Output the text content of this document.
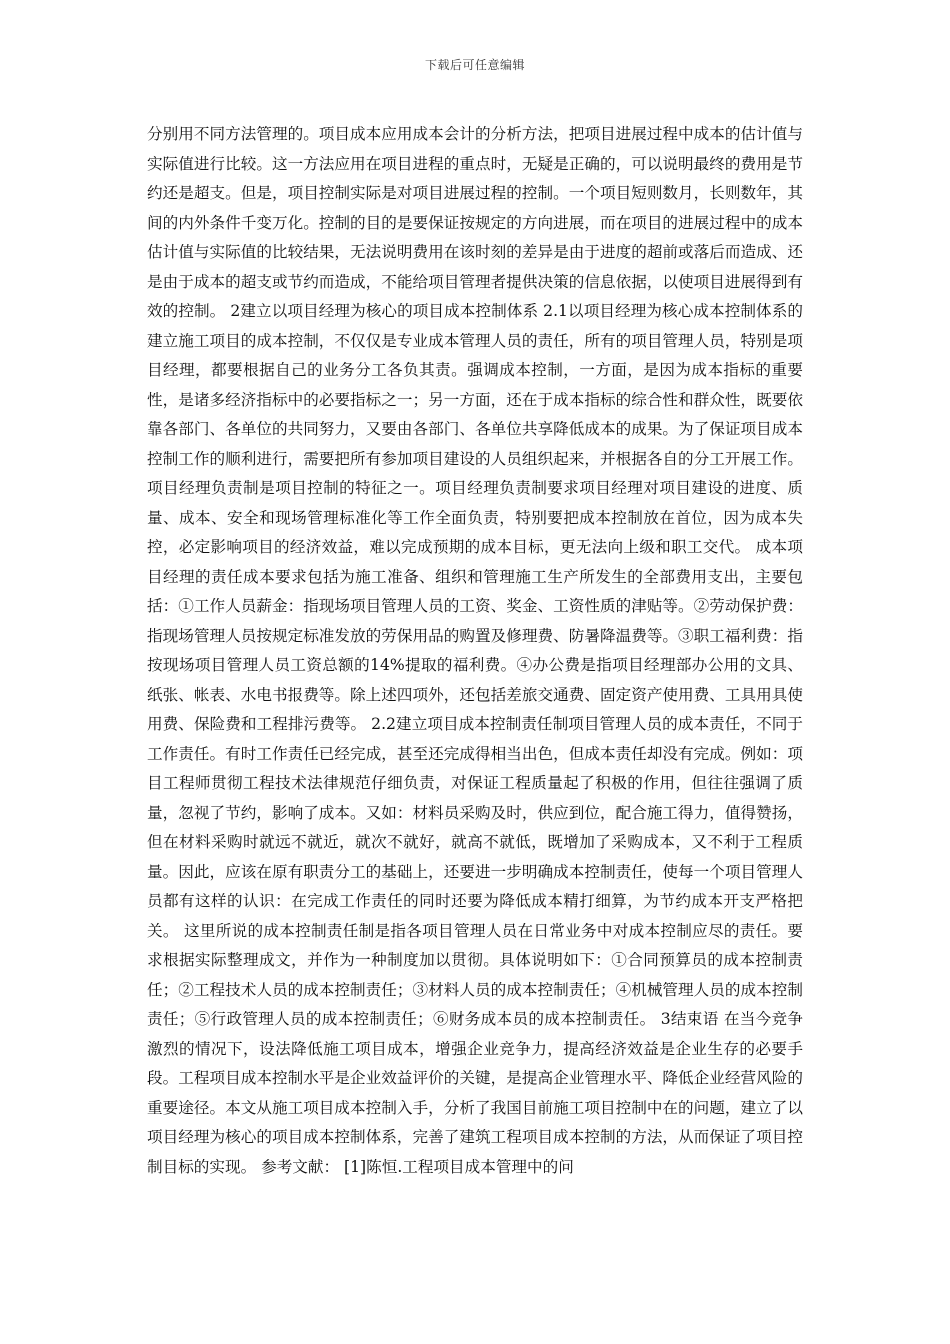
下载后可任意编辑

分别用不同方法管理的。项目成本应用成本会计的分析方法，把项目进展过程中成本的估计值与实际值进行比较。这一方法应用在项目进程的重点时，无疑是正确的，可以说明最终的费用是节约还是超支。但是，项目控制实际是对项目进展过程的控制。一个项目短则数月，长则数年，其间的内外条件千变万化。控制的目的是要保证按规定的方向进展，而在项目的进展过程中的成本估计值与实际值的比较结果，无法说明费用在该时刻的差异是由于进度的超前或落后而造成、还是由于成本的超支或节约而造成，不能给项目管理者提供决策的信息依据，以使项目进展得到有效的控制。 2建立以项目经理为核心的项目成本控制体系 2.1以项目经理为核心成本控制体系的建立施工项目的成本控制，不仅仅是专业成本管理人员的责任，所有的项目管理人员，特别是项目经理，都要根据自己的业务分工各负其责。强调成本控制，一方面，是因为成本指标的重要性，是诸多经济指标中的必要指标之一；另一方面，还在于成本指标的综合性和群众性，既要依靠各部门、各单位的共同努力，又要由各部门、各单位共享降低成本的成果。为了保证项目成本控制工作的顺利进行，需要把所有参加项目建设的人员组织起来，并根据各自的分工开展工作。 项目经理负责制是项目控制的特征之一。项目经理负责制要求项目经理对项目建设的进度、质量、成本、安全和现场管理标准化等工作全面负责，特别要把成本控制放在首位，因为成本失控，必定影响项目的经济效益，难以完成预期的成本目标，更无法向上级和职工交代。 成本项目经理的责任成本要求包括为施工准备、组织和管理施工生产所发生的全部费用支出，主要包括：①工作人员薪金：指现场项目管理人员的工资、奖金、工资性质的津贴等。②劳动保护费：指现场管理人员按规定标准发放的劳保用品的购置及修理费、防暑降温费等。③职工福利费：指按现场项目管理人员工资总额的14%提取的福利费。④办公费是指项目经理部办公用的文具、纸张、帐表、水电书报费等。除上述四项外，还包括差旅交通费、固定资产使用费、工具用具使用费、保险费和工程排污费等。 2.2建立项目成本控制责任制项目管理人员的成本责任，不同于工作责任。有时工作责任已经完成，甚至还完成得相当出色，但成本责任却没有完成。例如：项目工程师贯彻工程技术法律规范仔细负责，对保证工程质量起了积极的作用，但往往强调了质量，忽视了节约，影响了成本。又如：材料员采购及时，供应到位，配合施工得力，值得赞扬，但在材料采购时就远不就近，就次不就好，就高不就低，既增加了采购成本，又不利于工程质量。因此，应该在原有职责分工的基础上，还要进一步明确成本控制责任，使每一个项目管理人员都有这样的认识：在完成工作责任的同时还要为降低成本精打细算，为节约成本开支严格把关。 这里所说的成本控制责任制是指各项目管理人员在日常业务中对成本控制应尽的责任。要求根据实际整理成文，并作为一种制度加以贯彻。具体说明如下：①合同预算员的成本控制责任；②工程技术人员的成本控制责任；③材料人员的成本控制责任；④机械管理人员的成本控制责任；⑤行政管理人员的成本控制责任；⑥财务成本员的成本控制责任。 3结束语 在当今竞争激烈的情况下，设法降低施工项目成本，增强企业竞争力，提高经济效益是企业生存的必要手段。工程项目成本控制水平是企业效益评价的关键，是提高企业管理水平、降低企业经营风险的重要途径。本文从施工项目成本控制入手，分析了我国目前施工项目控制中在的问题，建立了以项目经理为核心的项目成本控制体系，完善了建筑工程项目成本控制的方法，从而保证了项目控制目标的实现。 参考文献： [1]陈恒.工程项目成本管理中的问
